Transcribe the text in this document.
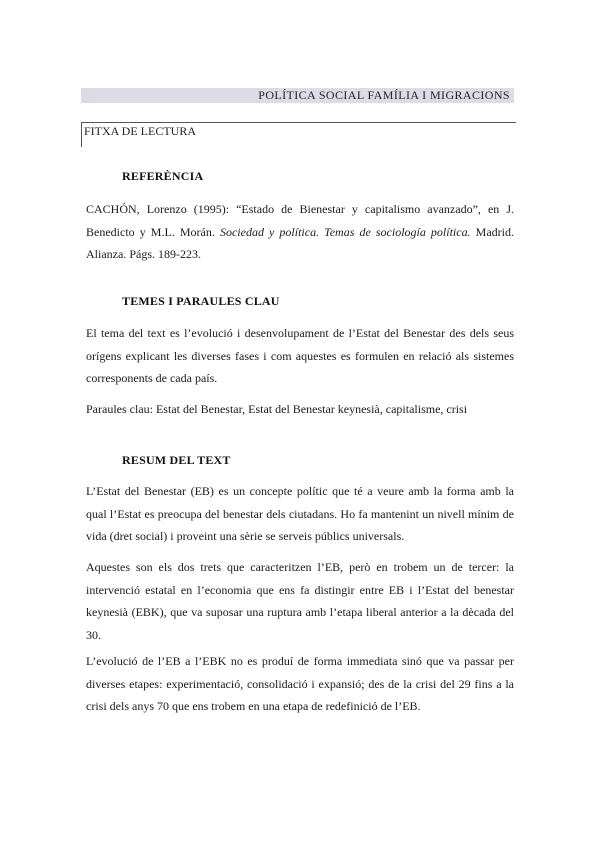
POLÍTICA SOCIAL FAMÍLIA I MIGRACIONS
FITXA DE LECTURA
REFERÈNCIA
CACHÓN, Lorenzo (1995): “Estado de Bienestar y capitalismo avanzado”, en J.
Benedicto y M.L. Morán. Sociedad y política. Temas de sociología política. Madrid.
Alianza. Págs. 189-223.
TEMES I PARAULES CLAU
El tema del text es l’evolució i desenvolupament de l’Estat del Benestar des dels seus
orígens explicant les diverses fases i com aquestes es formulen en relació als sistemes
corresponents de cada país.
Paraules clau: Estat del Benestar, Estat del Benestar keynesià, capitalisme, crisi
RESUM DEL TEXT
L’Estat del Benestar (EB) es un concepte polític que té a veure amb la forma amb la
qual l’Estat es preocupa del benestar dels ciutadans. Ho fa mantenint un nivell mínim de
vida (dret social) i proveint una sèrie se serveis públics universals.
Aquestes son els dos trets que caracteritzen l’EB, però en trobem un de tercer: la
intervenció estatal en l’economia que ens fa distingir entre EB i l’Estat del benestar
keynesià (EBK), que va suposar una ruptura amb l’etapa liberal anterior a la dècada del
30.
L’evolució de l’EB a l’EBK no es produí de forma immediata sinó que va passar per
diverses etapes: experimentació, consolidació i expansió; des de la crisi del 29 fins a la
crisi dels anys 70 que ens trobem en una etapa de redefinició de l’EB.
